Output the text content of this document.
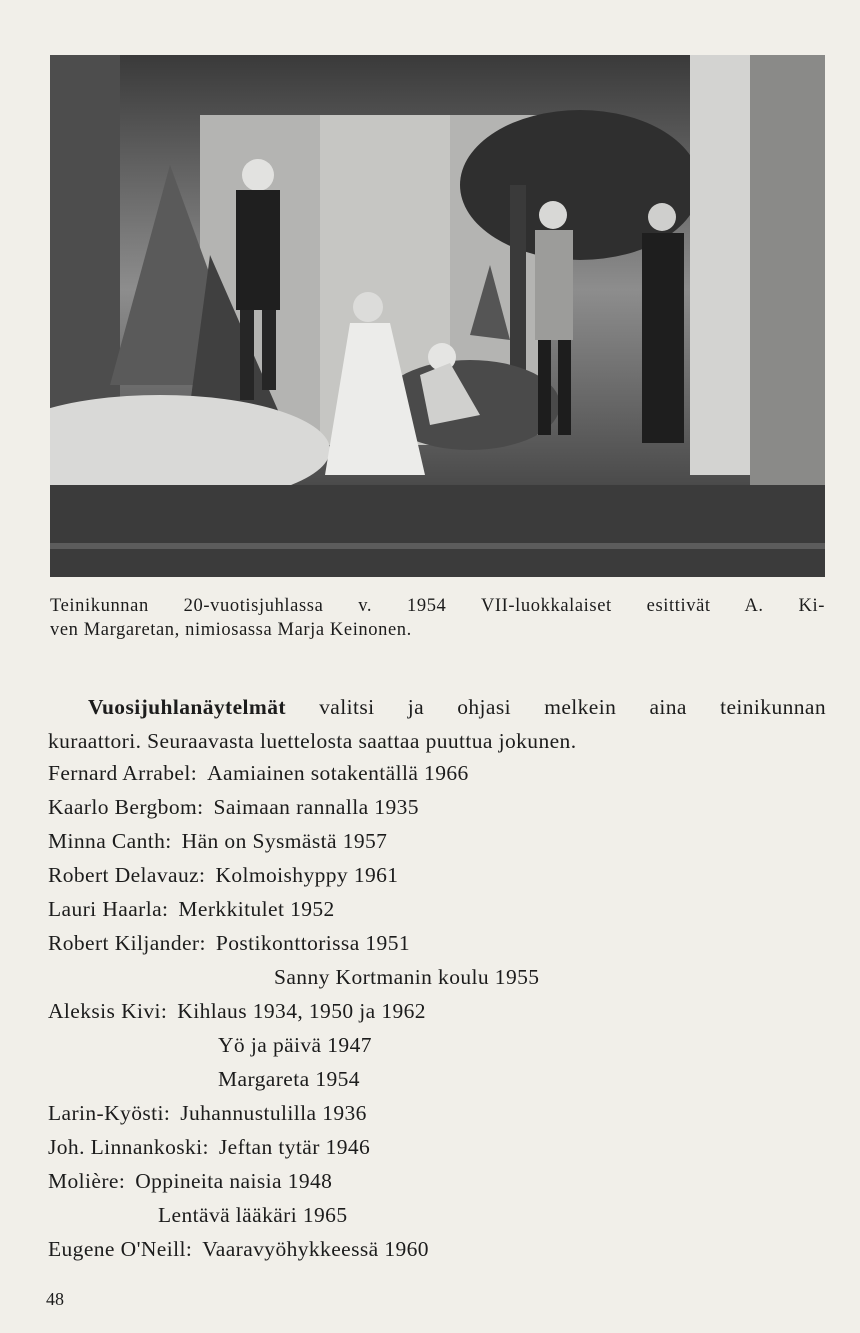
Teinikunnan 20-vuotisjuhlassa v. 1954 VII-luokkalaiset esittivät A. Ki-
ven Margaretan, nimiosassa Marja Keinonen.
Vuosijuhlanäytelmät valitsi ja ohjasi melkein aina teinikunnan
kuraattori. Seuraavasta luettelosta saattaa puuttua jokunen.
Fernard Arrabel: Aamiainen sotakentällä 1966
Kaarlo Bergbom: Saimaan rannalla 1935
Minna Canth: Hän on Sysmästä 1957
Robert Delavauz: Kolmoishyppy 1961
Lauri Haarla: Merkkitulet 1952
Robert Kiljander: Postikonttorissa 1951
Sanny Kortmanin koulu 1955
Aleksis Kivi: Kihlaus 1934, 1950 ja 1962
Yö ja päivä 1947
Margareta 1954
Larin-Kyösti: Juhannustulilla 1936
Joh. Linnankoski: Jeftan tytär 1946
Molière: Oppineita naisia 1948
Lentävä lääkäri 1965
Eugene O'Neill: Vaaravyöhykkeessä 1960
48
